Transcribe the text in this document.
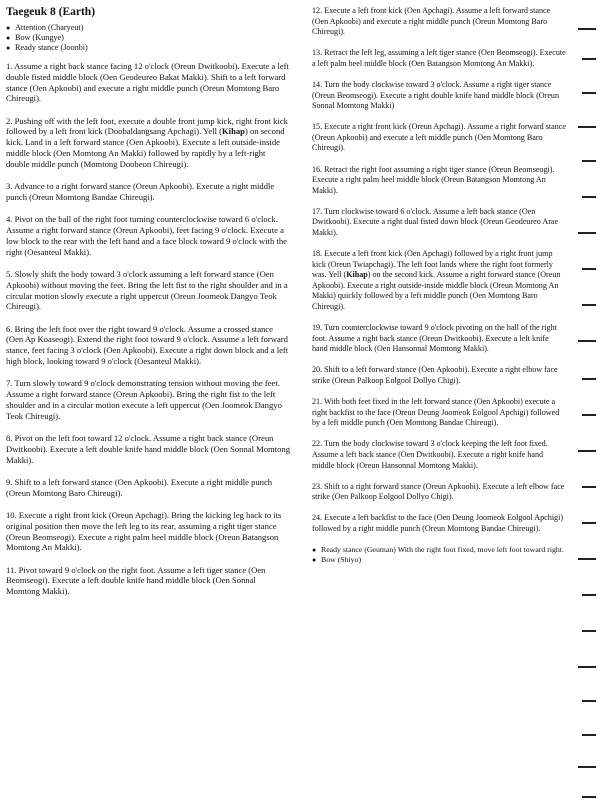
Taegeuk 8 (Earth)
● Attention (Charyeut)
● Bow (Kungye)
● Ready stance (Joonbi)

1. Assume a right back stance facing 12 o'clock (Oreun Dwitkoobi). Execute a left double fisted middle block (Oen Geodeureo Bakat Makki). Shift to a left forward stance (Oen Apkoobi) and execute a right middle punch (Oreun Momtong Baro Chireugi).

2. Pushing off with the left foot, execute a double front jump kick, right front kick followed by a left front kick (Doobaldangsang Apchagi). Yell (Kihap) on second kick. Land in a left forward stance (Oen Apkoobi). Execute a left outside-inside middle block (Oen Momtong An Makki) followed by rapidly by a left-right double middle punch (Momtong Doobeon Chireugi).

3. Advance to a right forward stance (Oreun Apkoobi). Execute a right middle punch (Oreun Momtong Bandae Chireugi).

4. Pivot on the ball of the right foot turning counterclockwise toward 6 o'clock. Assume a right forward stance (Oreun Apkoobi), feet facing 9 o'clock. Execute a low block to the rear with the left hand and a face block toward 9 o'clock with the right (Oesanteul Makki).

5. Slowly shift the body toward 3 o'clock assuming a left forward stance (Oen Apkoobi) without moving the feet. Bring the left fist to the right shoulder and in a circular motion slowly execute a right uppercut (Oreun Joomeok Dangyo Teok Chireugi).

6. Bring the left foot over the right toward 9 o'clock. Assume a crossed stance (Oen Ap Koaseogi). Extend the right foot toward 9 o'clock. Assume a left forward stance, feet facing 3 o'clock (Oen Apkoobi). Execute a right down block and a left high block, looking toward 9 o'clock (Oesanteul Makki).

7. Turn slowly toward 9 o'clock demonstrating tension without moving the feet. Assume a right forward stance (Oreun Apkoobi). Bring the right fist to the left shoulder and in a circular motion execute a left uppercut (Oen Joomeok Dangyo Teok Chireugi).

8. Pivot on the left foot toward 12 o'clock. Assume a right back stance (Oreun Dwitkoobi). Execute a left double knife hand middle block (Oen Sonnal Momtong Makki).

9. Shift to a left forward stance (Oen Apkoobi). Execute a right middle punch (Oreun Momtong Baro Chireugi).

10. Execute a right front kick (Oreun Apchagi). Bring the kicking leg back to its original position then move the left leg to its rear, assuming a right tiger stance (Oreun Beomseogi). Execute a right palm heel middle block (Oreun Batangson Momtong An Makki).

11. Pivot toward 9 o'clock on the right foot. Assume a left tiger stance (Oen Beomseogi). Execute a left double knife hand middle block (Oen Sonnal Momtong Makki).

12. Execute a left front kick (Oen Apchagi). Assume a left forward stance (Oen Apkoobi) and execute a right middle punch (Oreun Momtong Baro Chireugi).

13. Retract the left leg, assuming a left tiger stance (Oen Beomseogi). Execute a left palm heel middle block (Oen Batangson Momtong An Makki).

14. Turn the body clockwise toward 3 o'clock. Assume a right tiger stance (Oreun Beomseogi). Execute a right double knife hand middle block (Oreun Sonnal Momtong Makki)

15. Execute a right front kick (Oreun Apchagi). Assume a right forward stance (Oreun Apkoobi) and execute a left middle punch (Oen Momtong Baro Chireugi).

16. Retract the right foot assuming a right tiger stance (Oreun Beomseogi). Execute a right palm heel middle block (Oreun Batangson Momtong An Makki).

17. Turn clockwise toward 6 o'clock. Assume a left back stance (Oen Dwitkoobi). Execute a right dual fisted down block (Oreun Geodeureo Arae Makki).

18. Execute a left front kick (Oen Apchagi) followed by a right front jump kick (Oreun Twiapchagi). The left foot lands where the right foot formerly was. Yell (Kihap) on the second kick. Assume a right forward stance (Oreun Apkoobi). Execute a right outside-inside middle block (Oreun Momtong An Makki) quickly followed by a left middle punch (Oen Momtong Baro Chireugi).

19. Turn counterclockwise toward 9 o'clock pivoting on the ball of the right foot. Assume a right back stance (Oreun Dwitkoobi). Execute a left knife hand middle block (Oen Hansonnal Momtong Makki).

20. Shift to a left forward stance (Oen Apkoobi). Execute a right elbow face strike (Oreun Palkoop Eolgool Dollyo Chigi).

21. With both feet fixed in the left forward stance (Oen Apkoobi) execute a right backfist to the face (Oreun Deung Joomeok Eolgool Apchigi) followed by a left middle punch (Oen Momtong Bandae Chireugi).

22. Turn the body clockwise toward 3 o'clock keeping the left foot fixed. Assume a left back stance (Oen Dwitkoobi). Execute a right knife hand middle block (Oreun Hansonnal Momtong Makki).

23. Shift to a right forward stance (Oreun Apkoobi). Execute a left elbow face strike (Oen Palkoop Eolgool Dollyo Chigi).

24. Execute a left backfist to the face (Oen Deung Joomeok Eolgool Apchigi) followed by a right middle punch (Oreun Momtong Bandae Chireugi).

● Ready stance (Geuman) With the right foot fixed, move left foot toward right.
● Bow (Shiyo)
